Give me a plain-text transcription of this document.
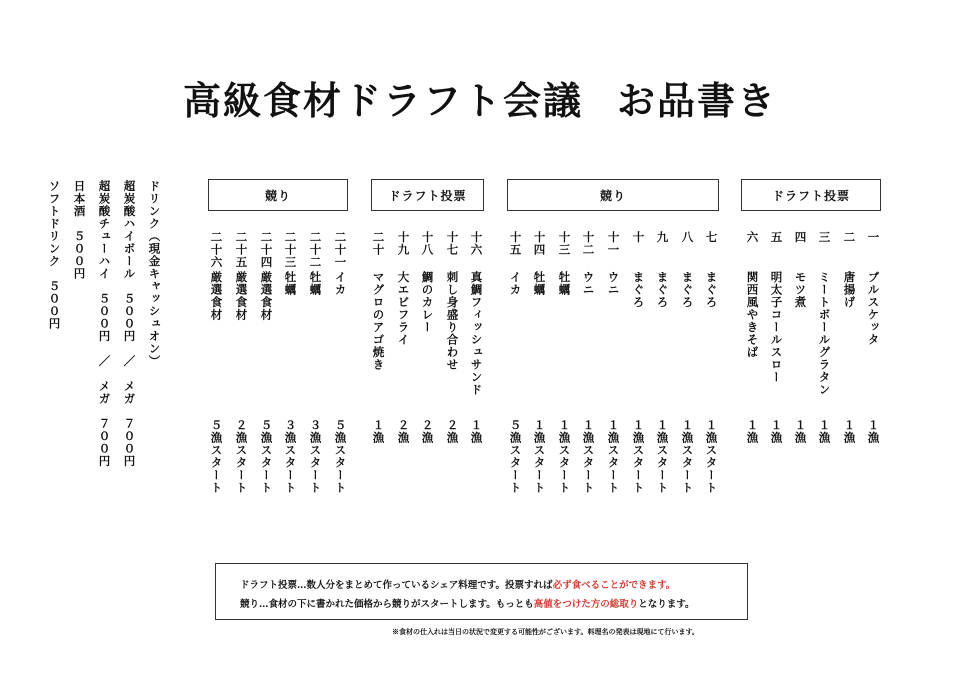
高級食材ドラフト会議 お品書き
ドリンク（現金キャッシュオン）
超炭酸ハイボール　５００円　／　メガ　７００円
超炭酸チューハイ　５００円　／　メガ　７００円
日本酒　５００円
ソフトドリンク　５００円	ドラフト投票
競り
ドラフト投票
競り
一
ブルスケッタ
１漁
二
唐揚げ
１漁
三
ミートボールグラタン
１漁
四
モツ煮
１漁
五
明太子コールスロー
１漁
六
関西風やきそば
１漁
七
まぐろ
１漁スタート
八
まぐろ
１漁スタート
九
まぐろ
１漁スタート
十
まぐろ
１漁スタート
十一
ウニ
１漁スタート
十二
ウニ
１漁スタート
十三
牡蠣
１漁スタート
十四
牡蠣
１漁スタート
十五
イカ
５漁スタート
十六
真鯛フィッシュサンド
１漁
十七
刺し身盛り合わせ
２漁
十八
鯛のカレー
２漁
十九
大エビフライ
２漁
二十
マグロのアゴ焼き
１漁
二十一
イカ
５漁スタート
二十二
牡蠣
３漁スタート
二十三
牡蠣
３漁スタート
二十四
厳選食材
５漁スタート
二十五
厳選食材
２漁スタート
二十六
厳選食材
５漁スタート
ドラフト投票…数人分をまとめて作っているシェア料理です。投票すれば必ず食べることができます。
競り…食材の下に書かれた価格から競りがスタートします。もっとも高値をつけた方の総取りとなります。
※食材の仕入れは当日の状況で変更する可能性がございます。料理名の発表は現地にて行います。
